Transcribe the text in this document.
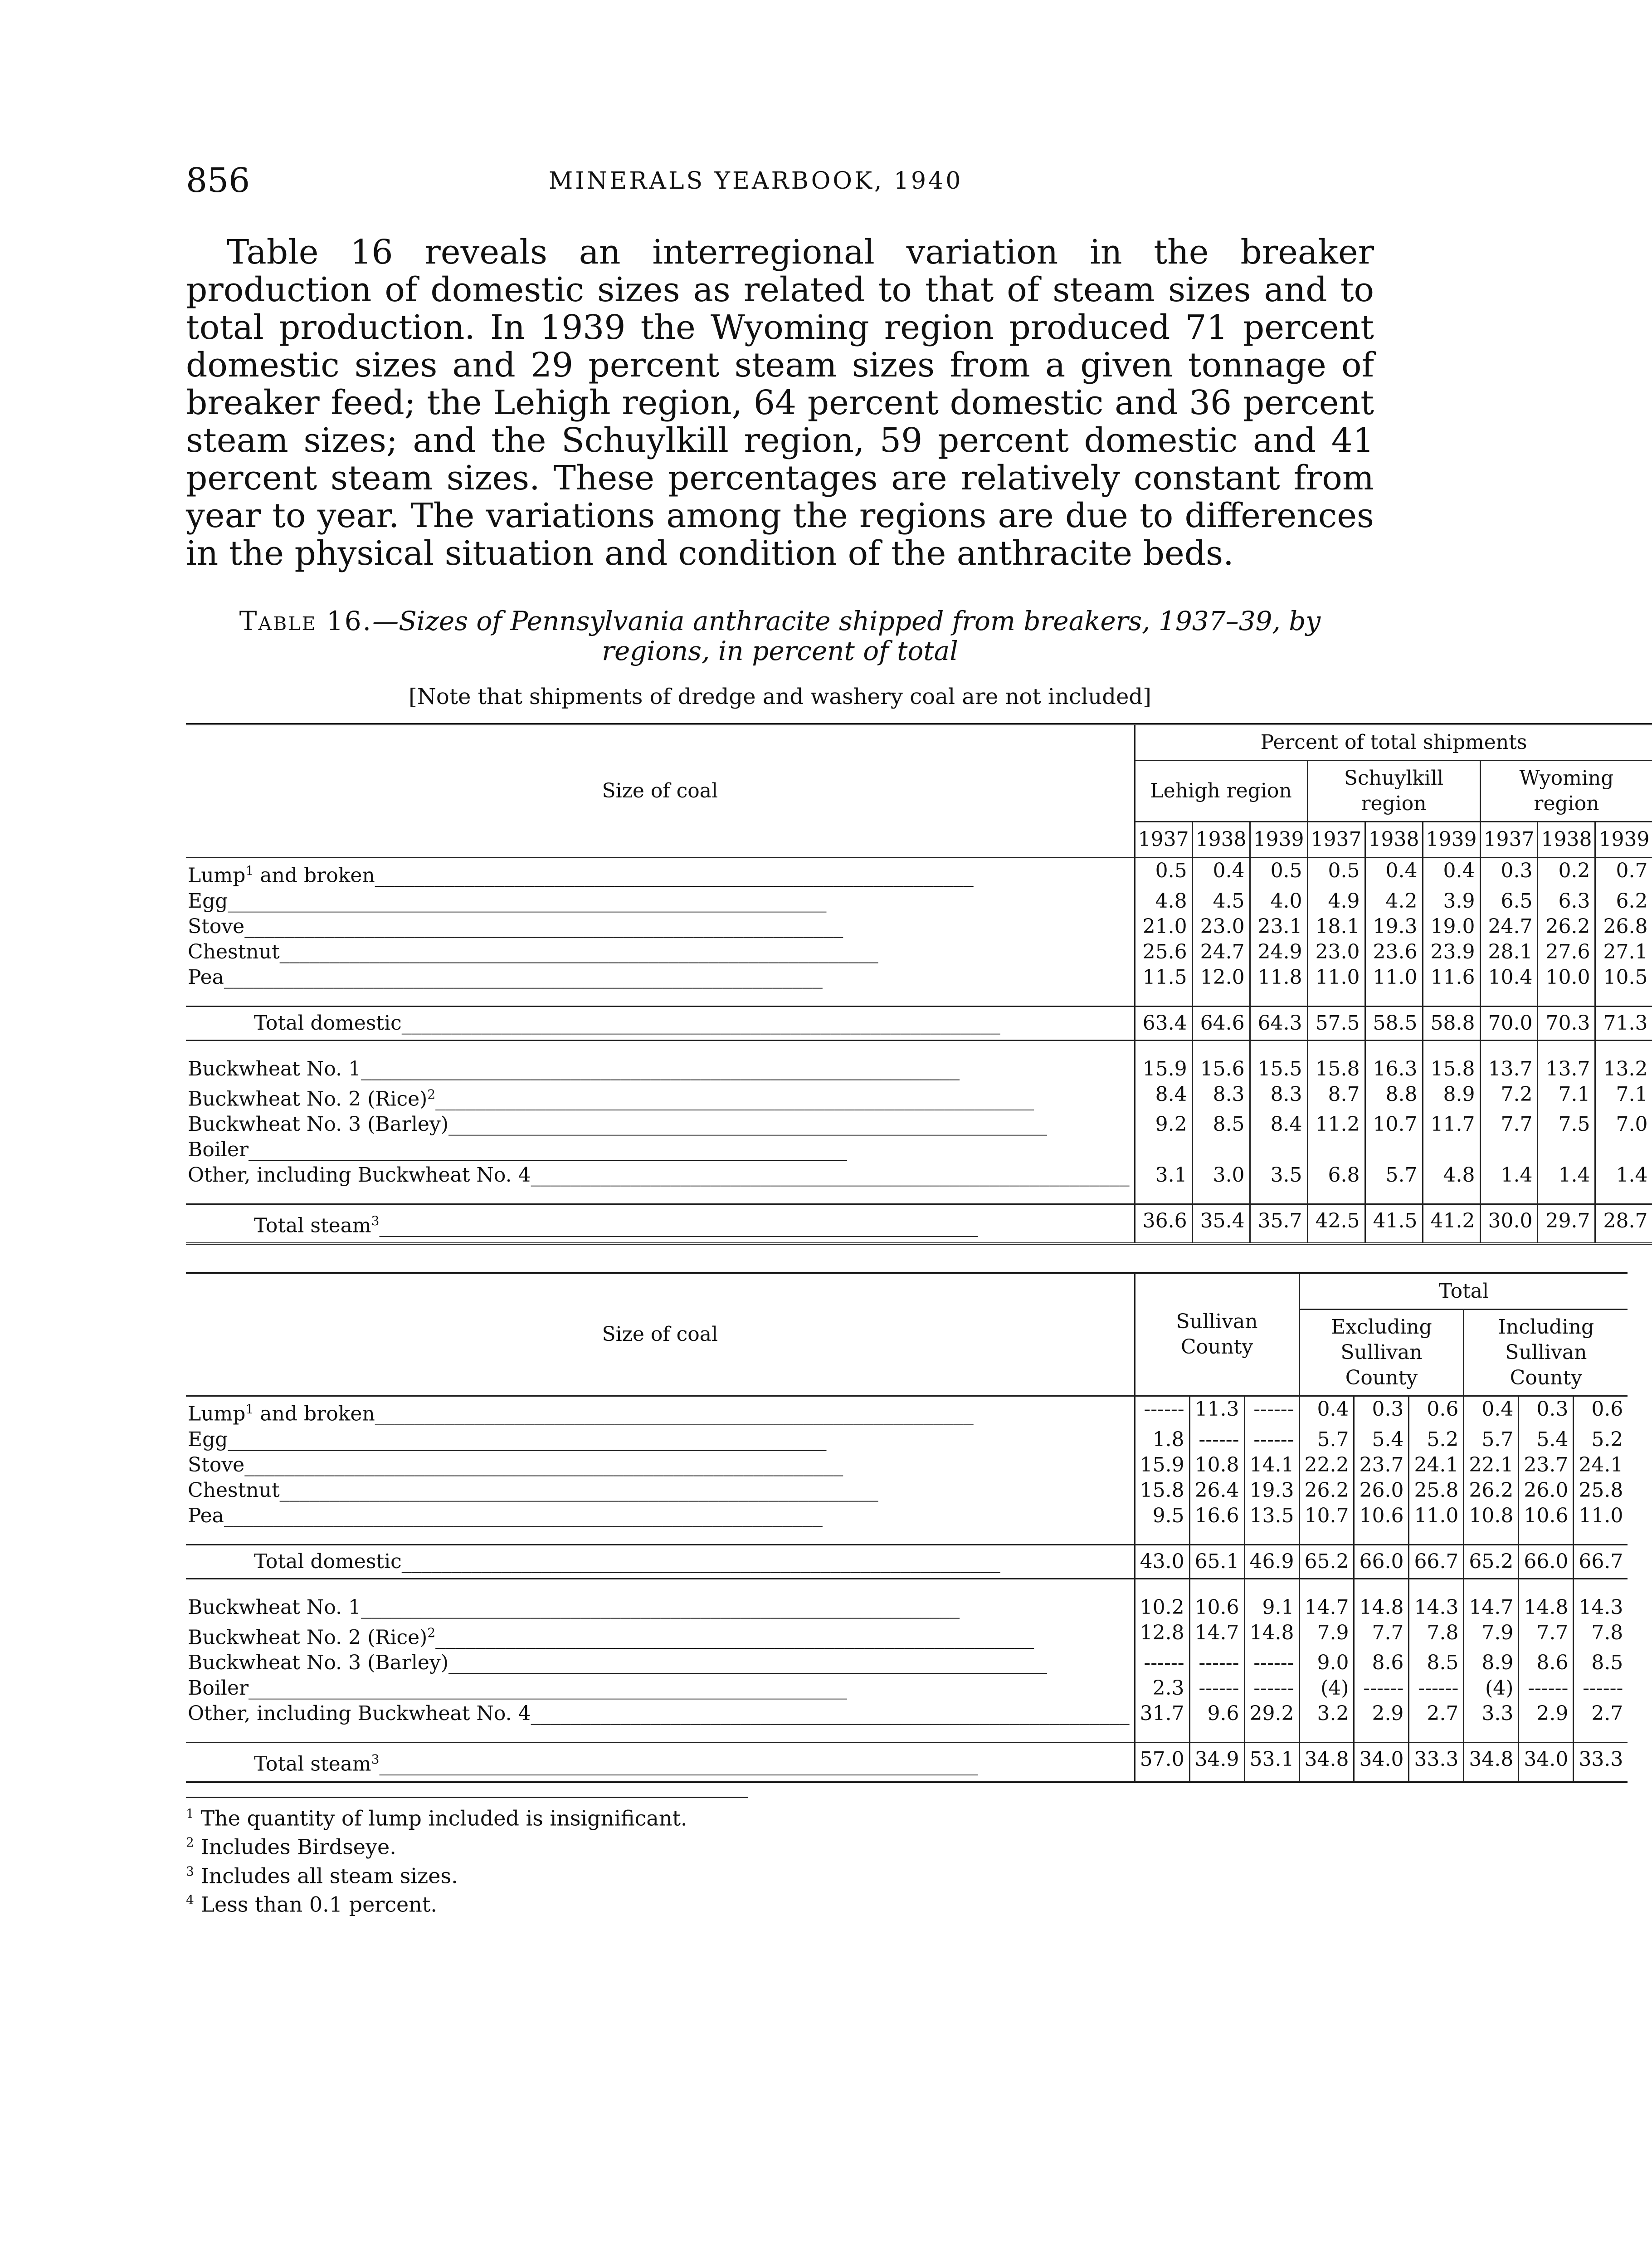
856	MINERALS YEARBOOK, 1940

Table 16 reveals an interregional variation in the breaker production of domestic sizes as related to that of steam sizes and to total production. In 1939 the Wyoming region produced 71 percent domestic sizes and 29 percent steam sizes from a given tonnage of breaker feed; the Lehigh region, 64 percent domestic and 36 percent steam sizes; and the Schuylkill region, 59 percent domestic and 41 percent steam sizes. These percentages are relatively constant from year to year. The variations among the regions are due to differences in the physical situation and condition of the anthracite beds.

Table 16.—Sizes of Pennsylvania anthracite shipped from breakers, 1937–39, by regions, in percent of total
[Note that shipments of dredge and washery coal are not included]
Size of coal	Percent of total shipments								
	Lehigh region			Schuylkill region			Wyoming region		
	1937	1938	1939	1937	1938	1939	1937	1938	1939
Lump$^1$ and broken____________________________________________________________	0.5	0.4	0.5	0.5	0.4	0.4	0.3	0.2	0.7
Egg____________________________________________________________	4.8	4.5	4.0	4.9	4.2	3.9	6.5	6.3	6.2
Stove____________________________________________________________	21.0	23.0	23.1	18.1	19.3	19.0	24.7	26.2	26.8
Chestnut____________________________________________________________	25.6	24.7	24.9	23.0	23.6	23.9	28.1	27.6	27.1
Pea____________________________________________________________	11.5	12.0	11.8	11.0	11.0	11.6	10.4	10.0	10.5

Total domestic____________________________________________________________	63.4	64.6	64.3	57.5	58.5	58.8	70.0	70.3	71.3

Buckwheat No. 1____________________________________________________________	15.9	15.6	15.5	15.8	16.3	15.8	13.7	13.7	13.2
Buckwheat No. 2 (Rice)$^2$____________________________________________________________	8.4	8.3	8.3	8.7	8.8	8.9	7.2	7.1	7.1
Buckwheat No. 3 (Barley)____________________________________________________________	9.2	8.5	8.4	11.2	10.7	11.7	7.7	7.5	7.0
Boiler____________________________________________________________									
Other, including Buckwheat No. 4____________________________________________________________	3.1	3.0	3.5	6.8	5.7	4.8	1.4	1.4	1.4

Total steam$^3$____________________________________________________________	36.6	35.4	35.7	42.5	41.5	41.2	30.0	29.7	28.7
Size of coal	Sullivan County			Total					
				Excluding Sullivan County			Including Sullivan County		
Lump$^1$ and broken____________________________________________________________	------	11.3	------	0.4	0.3	0.6	0.4	0.3	0.6
Egg____________________________________________________________	1.8	------	------	5.7	5.4	5.2	5.7	5.4	5.2
Stove____________________________________________________________	15.9	10.8	14.1	22.2	23.7	24.1	22.1	23.7	24.1
Chestnut____________________________________________________________	15.8	26.4	19.3	26.2	26.0	25.8	26.2	26.0	25.8
Pea____________________________________________________________	9.5	16.6	13.5	10.7	10.6	11.0	10.8	10.6	11.0

Total domestic____________________________________________________________	43.0	65.1	46.9	65.2	66.0	66.7	65.2	66.0	66.7

Buckwheat No. 1____________________________________________________________	10.2	10.6	9.1	14.7	14.8	14.3	14.7	14.8	14.3
Buckwheat No. 2 (Rice)$^2$____________________________________________________________	12.8	14.7	14.8	7.9	7.7	7.8	7.9	7.7	7.8
Buckwheat No. 3 (Barley)____________________________________________________________	------	------	------	9.0	8.6	8.5	8.9	8.6	8.5
Boiler____________________________________________________________	2.3	------	------	(4)	------	------	(4)	------	------
Other, including Buckwheat No. 4____________________________________________________________	31.7	9.6	29.2	3.2	2.9	2.7	3.3	2.9	2.7

Total steam$^3$____________________________________________________________	57.0	34.9	53.1	34.8	34.0	33.3	34.8	34.0	33.3
$^1$ The quantity of lump included is insignificant.
$^2$ Includes Birdseye.
$^3$ Includes all steam sizes.
$^4$ Less than 0.1 percent.
